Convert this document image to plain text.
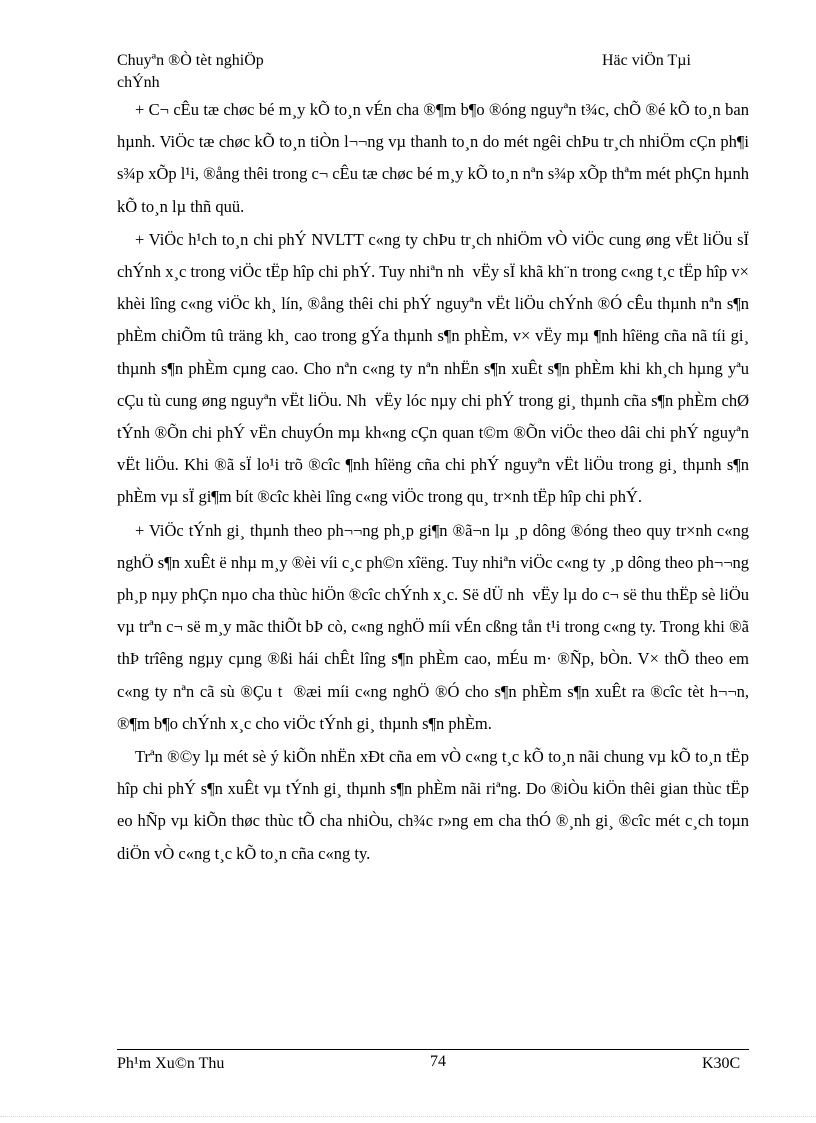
Chuyªn ®Ò tèt nghiÖp
chÝnh
Häc viÖn Tµi

+ C¬ cÊu tæ chøc bé m¸y kÕ to¸n vÉn cha ®¶m b¶o ®óng nguyªn t¾c, chÕ ®é kÕ to¸n ban hµnh. ViÖc tæ chøc kÕ to¸n tiÒn l¬¬ng vµ thanh to¸n do mét ngêi chÞu tr¸ch nhiÖm cÇn ph¶i s¾p xÕp l¹i, ®ång thêi trong c¬ cÊu tæ chøc bé m¸y kÕ to¸n nªn s¾p xÕp thªm mét phÇn hµnh kÕ to¸n lµ thñ quü.

+ ViÖc h¹ch to¸n chi phÝ NVLTT c«ng ty chÞu tr¸ch nhiÖm vÒ viÖc cung øng vËt liÖu sÏ chÝnh x¸c trong viÖc tËp hîp chi phÝ. Tuy nhiªn nh  vËy sÏ khã kh¨n trong c«ng t¸c tËp hîp v× khèi lîng c«ng viÖc kh¸ lín, ®ång thêi chi phÝ nguyªn vËt liÖu chÝnh ®Ó cÊu thµnh nªn s¶n phÈm chiÕm tû träng kh¸ cao trong gÝa thµnh s¶n phÈm, v× vËy mµ ¶nh hîëng cña nã tíi gi¸ thµnh s¶n phÈm cµng cao. Cho nªn c«ng ty nªn nhËn s¶n xuÊt s¶n phÈm khi kh¸ch hµng yªu cÇu tù cung øng nguyªn vËt liÖu. Nh  vËy lóc nµy chi phÝ trong gi¸ thµnh cña s¶n phÈm chØ tÝnh ®Õn chi phÝ vËn chuyÓn mµ kh«ng cÇn quan t©m ®Õn viÖc theo dâi chi phÝ nguyªn vËt liÖu. Khi ®ã sÏ lo¹i trõ ®cîc ¶nh hîëng cña chi phÝ nguyªn vËt liÖu trong gi¸ thµnh s¶n phÈm vµ sÏ gi¶m bít ®cîc khèi lîng c«ng viÖc trong qu¸ tr×nh tËp hîp chi phÝ.

+ ViÖc tÝnh gi¸ thµnh theo ph¬¬ng ph¸p gi¶n ®ã¬n lµ ¸p dông ®óng theo quy tr×nh c«ng nghÖ s¶n xuÊt ë nhµ m¸y ®èi víi c¸c ph©n xîëng. Tuy nhiªn viÖc c«ng ty ¸p dông theo ph¬¬ng ph¸p nµy phÇn nµo cha thùc hiÖn ®cîc chÝnh x¸c. Së dÜ nh  vËy lµ do c¬ së thu thËp sè liÖu vµ trªn c¬ së m¸y mãc thiÕt bÞ cò, c«ng nghÖ míi vÉn cßng tån t¹i trong c«ng ty. Trong khi ®ã thÞ trîêng ngµy cµng ®ßi hái chÊt lîng s¶n phÈm cao, mÉu m· ®Ñp, bÒn. V× thÕ theo em c«ng ty nªn cã sù ®Çu t  ®æi míi c«ng nghÖ ®Ó cho s¶n phÈm s¶n xuÊt ra ®cîc tèt h¬¬n, ®¶m b¶o chÝnh x¸c cho viÖc tÝnh gi¸ thµnh s¶n phÈm.

Trªn ®©y lµ mét sè ý kiÕn nhËn xÐt cña em vÒ c«ng t¸c kÕ to¸n nãi chung vµ kÕ to¸n tËp hîp chi phÝ s¶n xuÊt vµ tÝnh gi¸ thµnh s¶n phÈm nãi riªng. Do ®iÒu kiÖn thêi gian thùc tËp eo hÑp vµ kiÕn thøc thùc tÕ cha nhiÒu, ch¾c r»ng em cha thÓ ®¸nh gi¸ ®cîc mét c¸ch toµn diÖn vÒ c«ng t¸c kÕ to¸n cña c«ng ty.

Ph¹m Xu©n Thu	74	K30C
